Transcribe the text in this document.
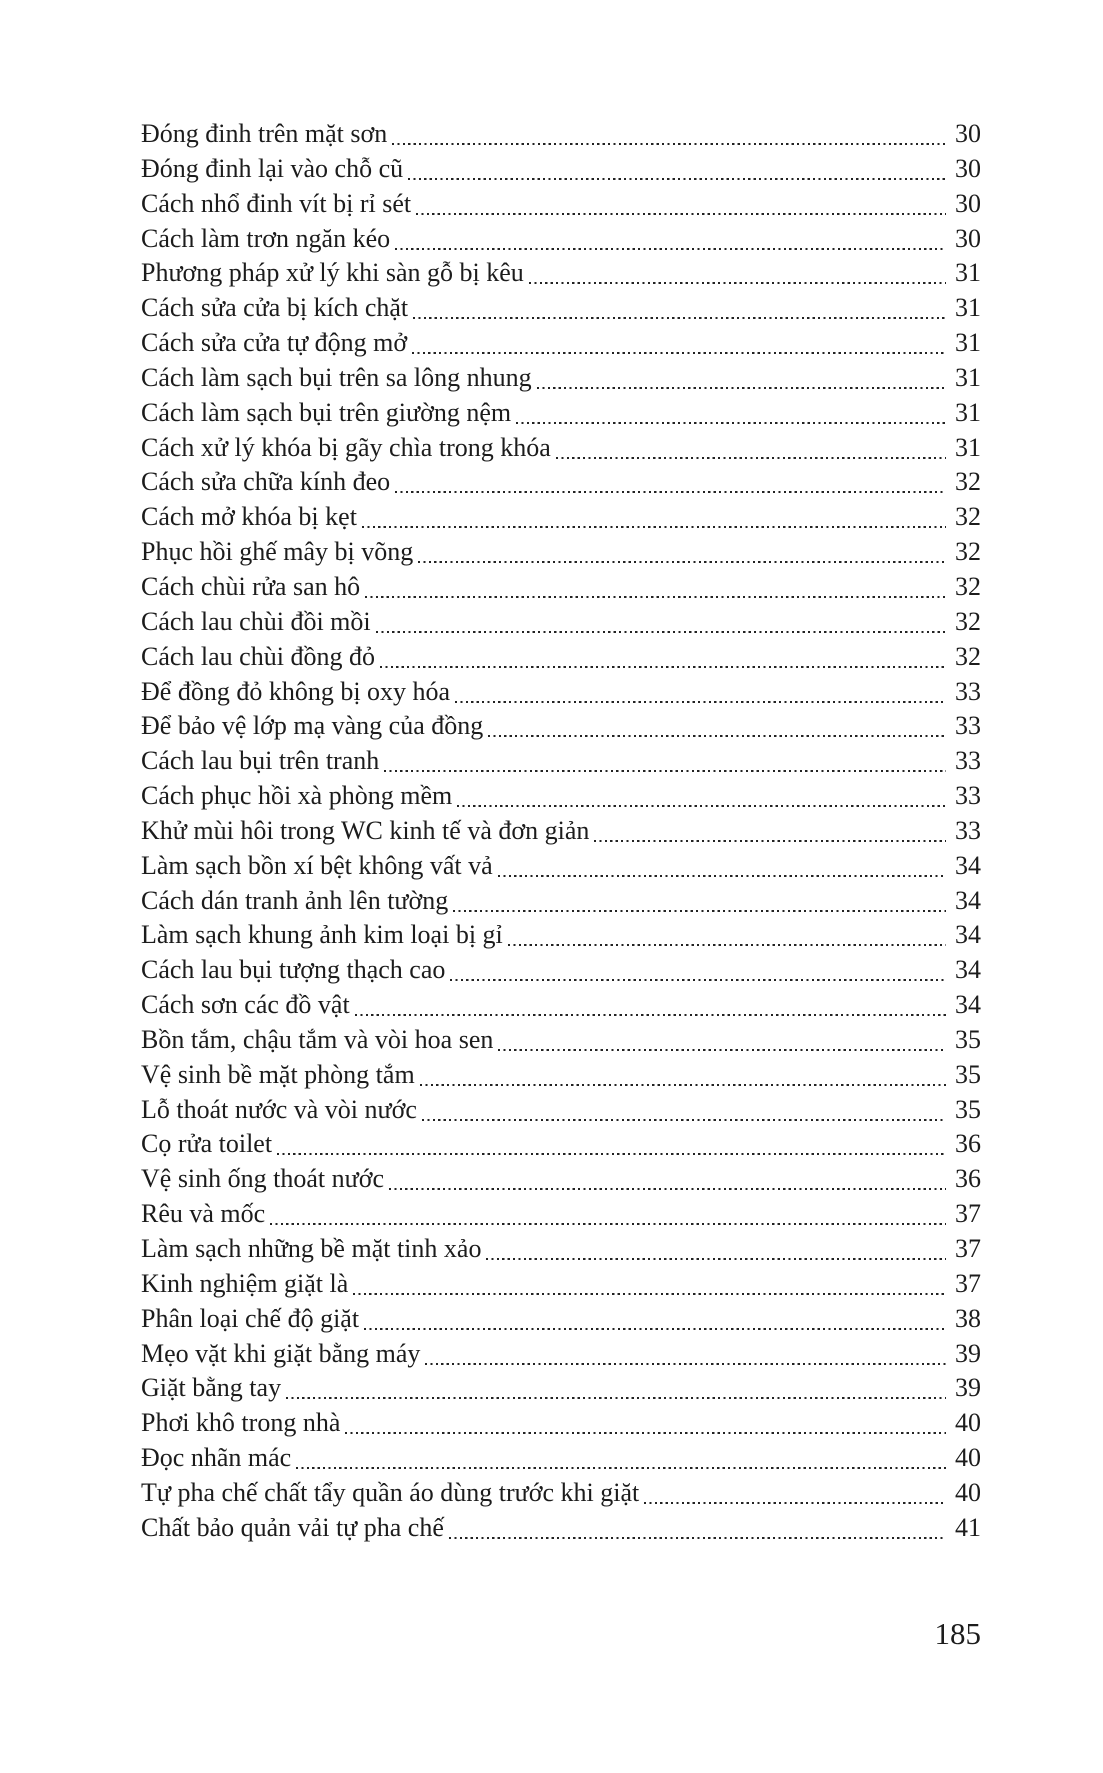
Đóng đinh trên mặt sơn	30
Đóng đinh lại vào chỗ cũ	30
Cách nhổ đinh vít bị rỉ sét	30
Cách làm trơn ngăn kéo	30
Phương pháp xử lý khi sàn gỗ bị kêu	31
Cách sửa cửa bị kích chặt	31
Cách sửa cửa tự động mở	31
Cách làm sạch bụi trên sa lông nhung	31
Cách làm sạch bụi trên giường nệm	31
Cách xử lý khóa bị gãy chìa trong khóa	31
Cách sửa chữa kính đeo	32
Cách mở khóa bị kẹt	32
Phục hồi ghế mây bị võng	32
Cách chùi rửa san hô	32
Cách lau chùi đồi mồi	32
Cách lau chùi đồng đỏ	32
Để đồng đỏ không bị oxy hóa	33
Để bảo vệ lớp mạ vàng của đồng	33
Cách lau bụi trên tranh	33
Cách phục hồi xà phòng mềm	33
Khử mùi hôi trong WC kinh tế và đơn giản	33
Làm sạch bồn xí bệt không vất vả	34
Cách dán tranh ảnh lên tường	34
Làm sạch khung ảnh kim loại bị gỉ	34
Cách lau bụi tượng thạch cao	34
Cách sơn các đồ vật	34
Bồn tắm, chậu tắm và vòi hoa sen	35
Vệ sinh bề mặt phòng tắm	35
Lỗ thoát nước và vòi nước	35
Cọ rửa toilet	36
Vệ sinh ống thoát nước	36
Rêu và mốc	37
Làm sạch những bề mặt tinh xảo	37
Kinh nghiệm giặt là	37
Phân loại chế độ giặt	38
Mẹo vặt khi giặt bằng máy	39
Giặt bằng tay	39
Phơi khô trong nhà	40
Đọc nhãn mác	40
Tự pha chế chất tẩy quần áo dùng trước khi giặt	40
Chất bảo quản vải tự pha chế	41
185
